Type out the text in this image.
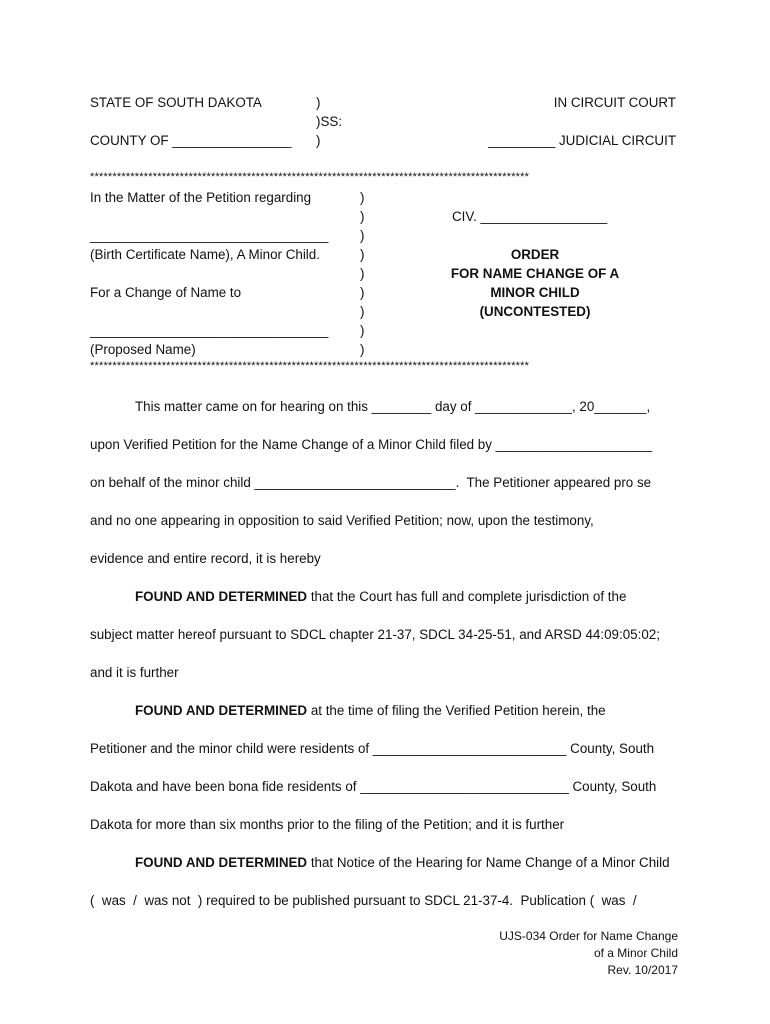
STATE OF SOUTH DAKOTA	)
)SS:
COUNTY OF ________________ )
IN CIRCUIT COURT
_________ JUDICIAL CIRCUIT
**************************************************************************************************
In the Matter of the Petition regarding
________________________________
(Birth Certificate Name), A Minor Child.
For a Change of Name to
________________________________
(Proposed Name)
)
)
)
)
)
)
)
)
)
CIV. _________________
ORDER
FOR NAME CHANGE OF A
MINOR CHILD
(UNCONTESTED)
**************************************************************************************************
This matter came on for hearing on this ________ day of _____________, 20_______,
upon Verified Petition for the Name Change of a Minor Child filed by _____________________
on behalf of the minor child ___________________________.  The Petitioner appeared pro se
and no one appearing in opposition to said Verified Petition; now, upon the testimony,
evidence and entire record, it is hereby
FOUND AND DETERMINED that the Court has full and complete jurisdiction of the
subject matter hereof pursuant to SDCL chapter 21-37, SDCL 34-25-51, and ARSD 44:09:05:02;
and it is further
FOUND AND DETERMINED at the time of filing the Verified Petition herein, the
Petitioner and the minor child were residents of __________________________ County, South
Dakota and have been bona fide residents of ____________________________ County, South
Dakota for more than six months prior to the filing of the Petition; and it is further
FOUND AND DETERMINED that Notice of the Hearing for Name Change of a Minor Child
(  was  /  was not  ) required to be published pursuant to SDCL 21-37-4.  Publication (  was  /
UJS-034 Order for Name Change
of a Minor Child
Rev. 10/2017
